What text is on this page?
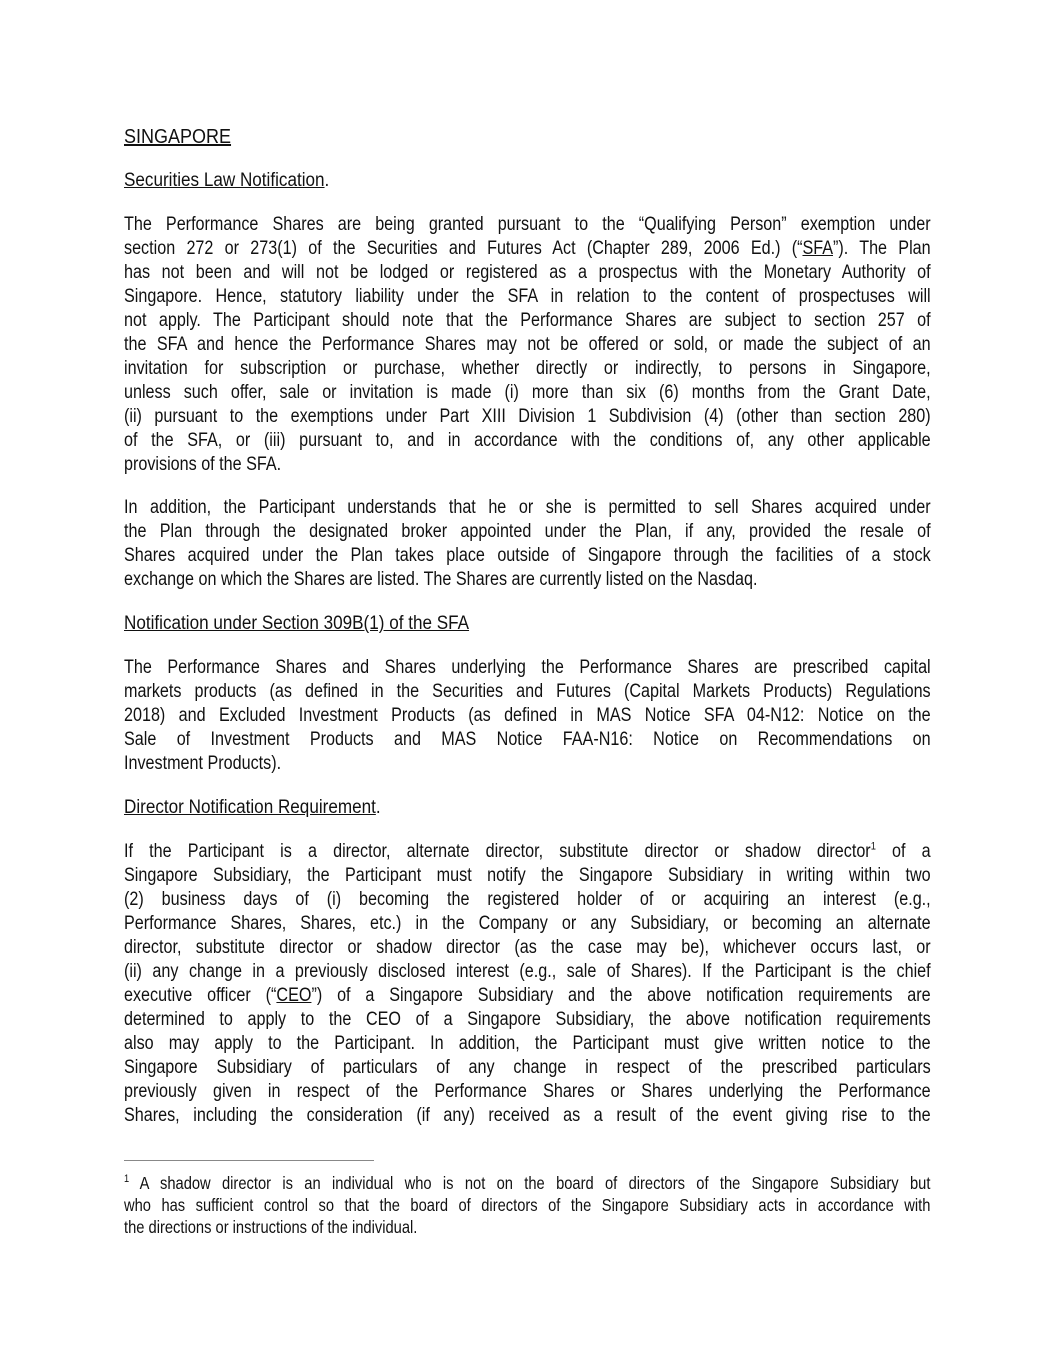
SINGAPORE
Securities Law Notification.
The Performance Shares are being granted pursuant to the “Qualifying Person” exemption under
section 272 or 273(1) of the Securities and Futures Act (Chapter 289, 2006 Ed.) (“SFA”). The Plan
has not been and will not be lodged or registered as a prospectus with the Monetary Authority of
Singapore. Hence, statutory liability under the SFA in relation to the content of prospectuses will
not apply. The Participant should note that the Performance Shares are subject to section 257 of
the SFA and hence the Performance Shares may not be offered or sold, or made the subject of an
invitation for subscription or purchase, whether directly or indirectly, to persons in Singapore,
unless such offer, sale or invitation is made (i) more than six (6) months from the Grant Date,
(ii) pursuant to the exemptions under Part XIII Division 1 Subdivision (4) (other than section 280)
of the SFA, or (iii) pursuant to, and in accordance with the conditions of, any other applicable
provisions of the SFA.
In addition, the Participant understands that he or she is permitted to sell Shares acquired under
the Plan through the designated broker appointed under the Plan, if any, provided the resale of
Shares acquired under the Plan takes place outside of Singapore through the facilities of a stock
exchange on which the Shares are listed. The Shares are currently listed on the Nasdaq.
Notification under Section 309B(1) of the SFA
The Performance Shares and Shares underlying the Performance Shares are prescribed capital
markets products (as defined in the Securities and Futures (Capital Markets Products) Regulations
2018) and Excluded Investment Products (as defined in MAS Notice SFA 04-N12: Notice on the
Sale of Investment Products and MAS Notice FAA-N16: Notice on Recommendations on
Investment Products).
Director Notification Requirement.
If the Participant is a director, alternate director, substitute director or shadow director$^1$ of a
Singapore Subsidiary, the Participant must notify the Singapore Subsidiary in writing within two
(2) business days of (i) becoming the registered holder of or acquiring an interest (e.g.,
Performance Shares, Shares, etc.) in the Company or any Subsidiary, or becoming an alternate
director, substitute director or shadow director (as the case may be), whichever occurs last, or
(ii) any change in a previously disclosed interest (e.g., sale of Shares). If the Participant is the chief
executive officer (“CEO”) of a Singapore Subsidiary and the above notification requirements are
determined to apply to the CEO of a Singapore Subsidiary, the above notification requirements
also may apply to the Participant. In addition, the Participant must give written notice to the
Singapore Subsidiary of particulars of any change in respect of the prescribed particulars
previously given in respect of the Performance Shares or Shares underlying the Performance
Shares, including the consideration (if any) received as a result of the event giving rise to the
$^1$ A shadow director is an individual who is not on the board of directors of the Singapore Subsidiary but
who has sufficient control so that the board of directors of the Singapore Subsidiary acts in accordance with
the directions or instructions of the individual.
